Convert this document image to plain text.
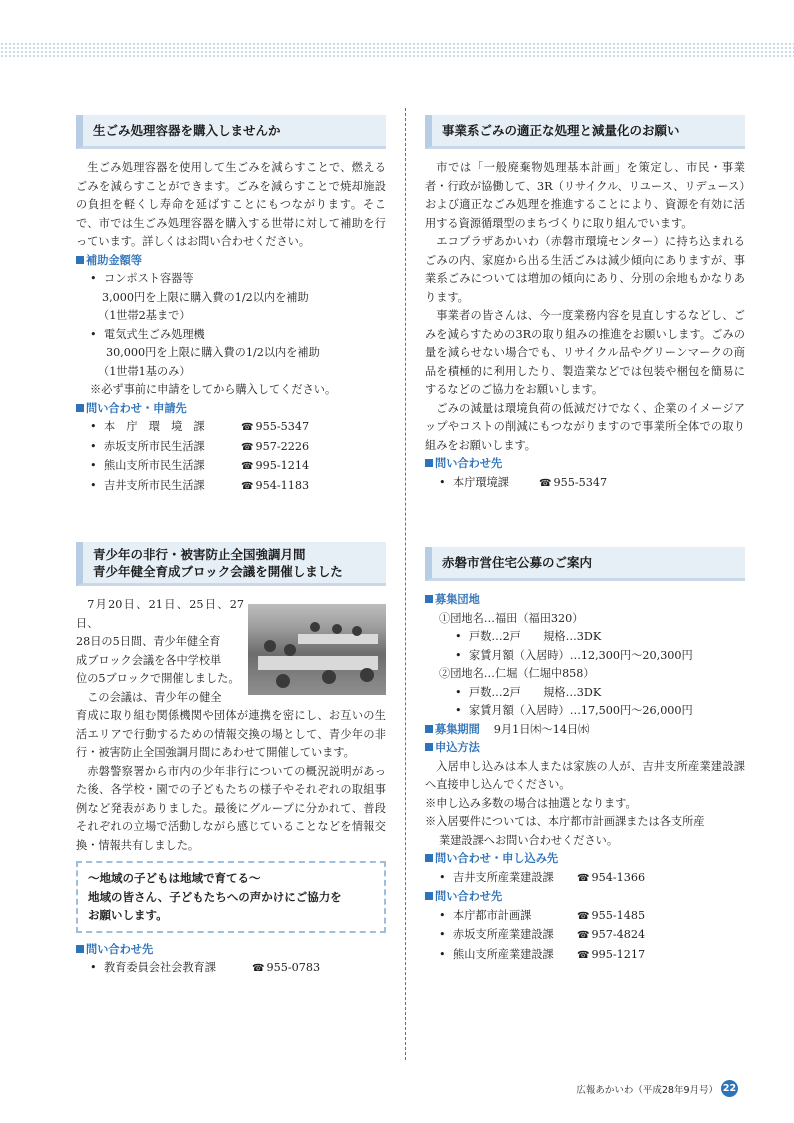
生ごみ処理容器を購入しませんか
生ごみ処理容器を使用して生ごみを減らすことで、燃えるごみを減らすことができます。ごみを減らすことで焼却施設の負担を軽くし寿命を延ばすことにもつながります。そこで、市では生ごみ処理容器を購入する世帯に対して補助を行っています。詳しくはお問い合わせください。
補助金額等
• コンポスト容器等
3,000円を上限に購入費の1/2以内を補助
（1世帯2基まで）
• 電気式生ごみ処理機
30,000円を上限に購入費の1/2以内を補助
（1世帯1基のみ）
※必ず事前に申請をしてから購入してください。
問い合わせ・申請先
• 本　庁　環　境　課	☎ 955-5347
• 赤坂支所市民生活課	☎ 957-2226
• 熊山支所市民生活課	☎ 995-1214
• 吉井支所市民生活課	☎ 954-1183
青少年の非行・被害防止全国強調月間
青少年健全育成ブロック会議を開催しました
7月20日、21日、25日、27日、
28日の5日間、青少年健全育
成ブロック会議を各中学校単
位の5ブロックで開催しました。
この会議は、青少年の健全
育成に取り組む関係機関や団体が連携を密にし、お互いの生活エリアで行動するための情報交換の場として、青少年の非行・被害防止全国強調月間にあわせて開催しています。
赤磐警察署から市内の少年非行についての概況説明があった後、各学校・園での子どもたちの様子やそれぞれの取組事例など発表がありました。最後にグループに分かれて、普段それぞれの立場で活動しながら感じていることなどを情報交換・情報共有しました。
～地域の子どもは地域で育てる～
地域の皆さん、子どもたちへの声かけにご協力を
お願いします。
問い合わせ先
• 教育委員会社会教育課	☎ 955-0783
事業系ごみの適正な処理と減量化のお願い
市では「一般廃棄物処理基本計画」を策定し、市民・事業者・行政が協働して、3R（リサイクル、リユース、リデュース）および適正なごみ処理を推進することにより、資源を有効に活用する資源循環型のまちづくりに取り組んでいます。
エコプラザあかいわ（赤磐市環境センター）に持ち込まれるごみの内、家庭から出る生活ごみは減少傾向にありますが、事業系ごみについては増加の傾向にあり、分別の余地もかなりあります。
事業者の皆さんは、今一度業務内容を見直しするなどし、ごみを減らすための3Rの取り組みの推進をお願いします。ごみの量を減らせない場合でも、リサイクル品やグリーンマークの商品を積極的に利用したり、製造業などでは包装や梱包を簡易にするなどのご協力をお願いします。
ごみの減量は環境負荷の低減だけでなく、企業のイメージアップやコストの削減にもつながりますので事業所全体での取り組みをお願いします。
問い合わせ先
• 本庁環境課	☎ 955-5347
赤磐市営住宅公募のご案内
募集団地
①団地名…福田（福田320）
• 戸数…2戸　　規格…3DK
• 家賃月額（入居時）…12,300円～20,300円
②団地名…仁堀（仁堀中858）
• 戸数…2戸　　規格…3DK
• 家賃月額（入居時）…17,500円～26,000円
募集期間 9月1日㈭～14日㈬
申込方法
入居申し込みは本人または家族の人が、吉井支所産業建設課へ直接申し込んでください。
※申し込み多数の場合は抽選となります。
※入居要件については、本庁都市計画課または各支所産
業建設課へお問い合わせください。
問い合わせ・申し込み先
• 吉井支所産業建設課	☎ 954-1366
問い合わせ先
• 本庁都市計画課	☎ 955-1485
• 赤坂支所産業建設課	☎ 957-4824
• 熊山支所産業建設課	☎ 995-1217
広報あかいわ（平成28年9月号） 22
